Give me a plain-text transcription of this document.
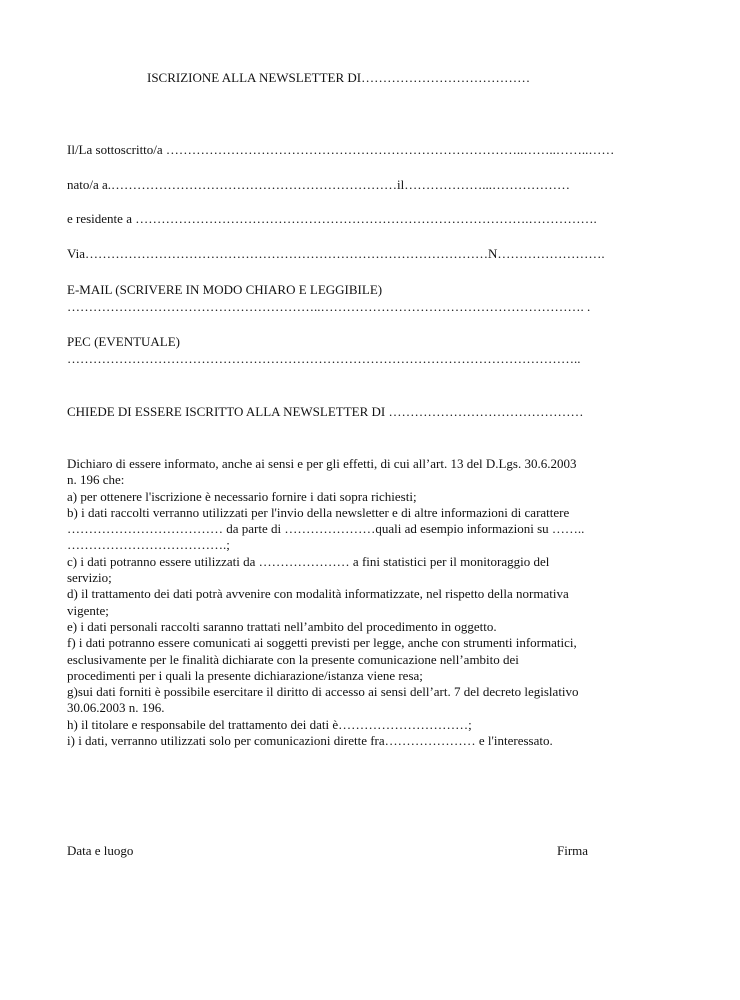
ISCRIZIONE ALLA NEWSLETTER DI…………………………………
Il/La sottoscritto/a ………………………………………………………………………..……..……..……
nato/a a.…………………………………………………………il………………...………………
e residente a ……………………………………………………………………………….…………….
Via…………………………………………………………………………………N…………………….
E-MAIL (SCRIVERE IN MODO CHIARO E LEGGIBILE)
…………………………………………………..……………………………………………………. .
PEC (EVENTUALE)
………………………………………………………………………………………………………..
CHIEDE DI ESSERE ISCRITTO ALLA NEWSLETTER DI ………………………………………
Dichiaro di essere informato, anche ai sensi e per gli effetti, di cui all’art. 13 del D.Lgs. 30.6.2003
n. 196 che:
a) per ottenere l'iscrizione è necessario fornire i dati sopra richiesti;
b) i dati raccolti verranno utilizzati per l'invio della newsletter e di altre informazioni di carattere
……………………………… da parte di …………………quali ad esempio informazioni su ……..
……………………………….;
c) i dati potranno essere utilizzati da ………………… a fini statistici per il monitoraggio del
servizio;
d) il trattamento dei dati potrà avvenire con modalità informatizzate, nel rispetto della normativa
vigente;
e) i dati personali raccolti saranno trattati nell’ambito del procedimento in oggetto.
f) i dati potranno essere comunicati ai soggetti previsti per legge, anche con strumenti informatici,
esclusivamente per le finalità dichiarate con la presente comunicazione nell’ambito dei
procedimenti per i quali la presente dichiarazione/istanza viene resa;
g)sui dati forniti è possibile esercitare il diritto di accesso ai sensi dell’art. 7 del decreto legislativo
30.06.2003 n. 196.
h) il titolare e responsabile del trattamento dei dati è…………………………;
i) i dati, verranno utilizzati solo per comunicazioni dirette fra………………… e l'interessato.
Data e luogo	Firma
